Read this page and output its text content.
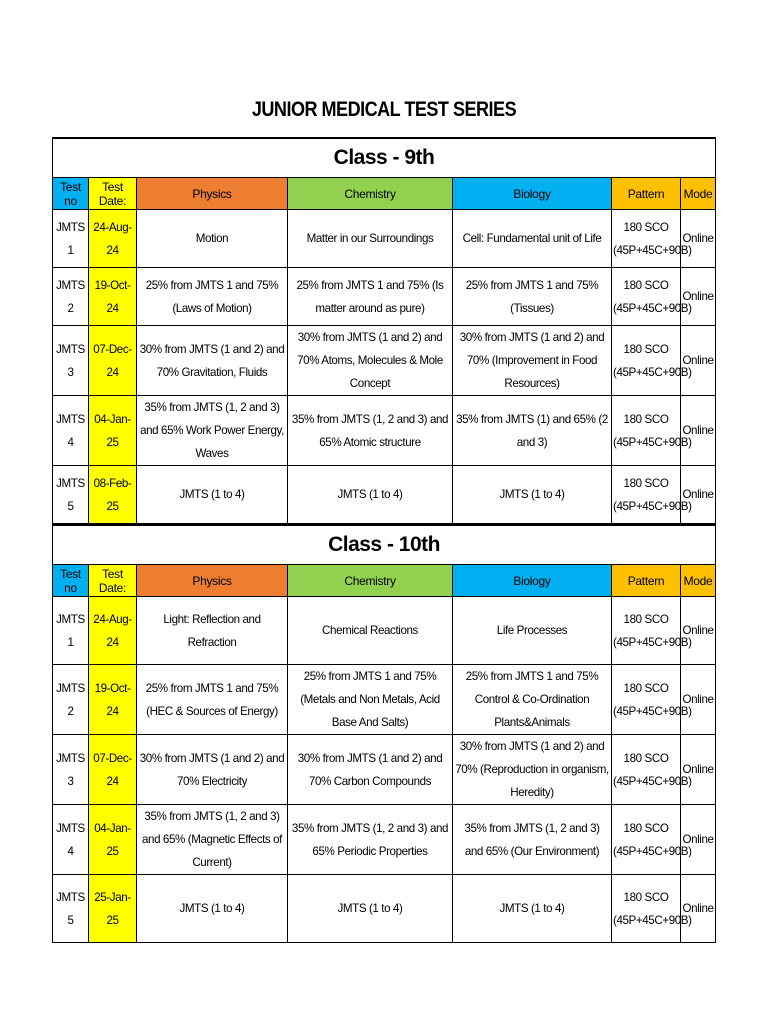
JUNIOR MEDICAL TEST SERIES
Class - 9th						
Test no	Test Date:	Physics	Chemistry	Biology	Pattern	Mode
JMTS 1	24-Aug-24	Motion	Matter in our Surroundings	Cell: Fundamental unit of Life	180 SCO (45P+45C+90B)	Online
JMTS 2	19-Oct-24	25% from JMTS 1 and 75% (Laws of Motion)	25% from JMTS 1 and 75% (Is matter around as pure)	25% from JMTS 1 and 75% (Tissues)	180 SCO (45P+45C+90B)	Online
JMTS 3	07-Dec-24	30% from JMTS (1 and 2) and 70% Gravitation, Fluids	30% from JMTS (1 and 2) and 70% Atoms, Molecules & Mole Concept	30% from JMTS (1 and 2) and 70% (Improvement in Food Resources)	180 SCO (45P+45C+90B)	Online
JMTS 4	04-Jan-25	35% from JMTS (1, 2 and 3) and 65% Work Power Energy, Waves	35% from JMTS (1, 2 and 3) and 65% Atomic structure	35% from JMTS (1) and 65% (2 and 3)	180 SCO (45P+45C+90B)	Online
JMTS 5	08-Feb-25	JMTS (1 to 4)	JMTS (1 to 4)	JMTS (1 to 4)	180 SCO (45P+45C+90B)	Online
Class - 10th						
Test no	Test Date:	Physics	Chemistry	Biology	Pattern	Mode
JMTS 1	24-Aug-24	Light: Reflection and Refraction	Chemical Reactions	Life Processes	180 SCO (45P+45C+90B)	Online
JMTS 2	19-Oct-24	25% from JMTS 1 and 75% (HEC & Sources of Energy)	25% from JMTS 1 and 75% (Metals and Non Metals, Acid Base And Salts)	25% from JMTS 1 and 75% Control & Co-Ordination Plants&Animals	180 SCO (45P+45C+90B)	Online
JMTS 3	07-Dec-24	30% from JMTS (1 and 2) and 70% Electricity	30% from JMTS (1 and 2) and 70% Carbon Compounds	30% from JMTS (1 and 2) and 70% (Reproduction in organism, Heredity)	180 SCO (45P+45C+90B)	Online
JMTS 4	04-Jan-25	35% from JMTS (1, 2 and 3) and 65% (Magnetic Effects of Current)	35% from JMTS (1, 2 and 3) and 65% Periodic Properties	35% from JMTS (1, 2 and 3) and 65% (Our Environment)	180 SCO (45P+45C+90B)	Online
JMTS 5	25-Jan-25	JMTS (1 to 4)	JMTS (1 to 4)	JMTS (1 to 4)	180 SCO (45P+45C+90B)	Online
